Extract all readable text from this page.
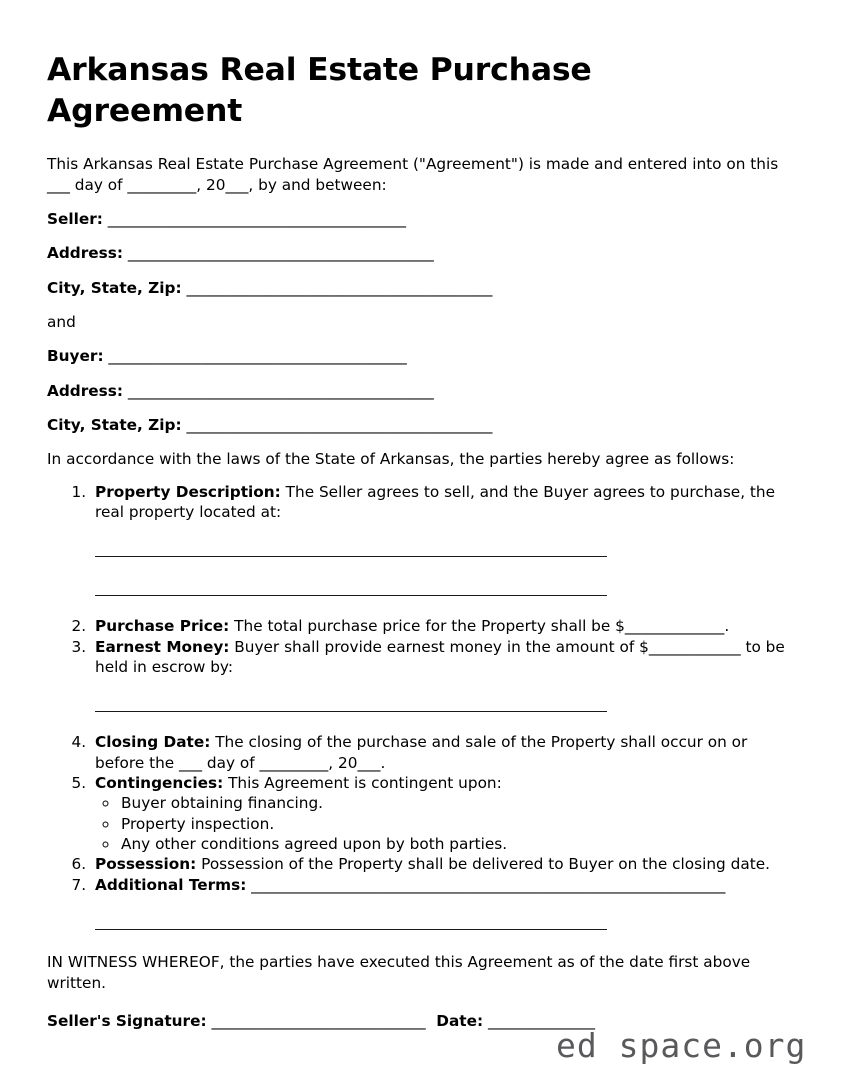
Arkansas Real Estate Purchase Agreement

This Arkansas Real Estate Purchase Agreement ("Agreement") is made and entered into on this ___ day of _________, 20___, by and between:

Seller: _______________________________________
Address: ________________________________________
City, State, Zip: ________________________________________
and
Buyer: _______________________________________
Address: ________________________________________
City, State, Zip: ________________________________________

In accordance with the laws of the State of Arkansas, the parties hereby agree as follows:

1. Property Description: The Seller agrees to sell, and the Buyer agrees to purchase, the real property located at:
2. Purchase Price: The total purchase price for the Property shall be $_____________.
3. Earnest Money: Buyer shall provide earnest money in the amount of $____________ to be held in escrow by:
4. Closing Date: The closing of the purchase and sale of the Property shall occur on or before the ___ day of _________, 20___.
5. Contingencies: This Agreement is contingent upon:
◦ Buyer obtaining financing.
◦ Property inspection.
◦ Any other conditions agreed upon by both parties.
6. Possession: Possession of the Property shall be delivered to Buyer on the closing date.
7. Additional Terms: ______________________________________________________________

IN WITNESS WHEREOF, the parties have executed this Agreement as of the date first above written.

Seller's Signature: ____________________________ Date: ______________
ed space.org
